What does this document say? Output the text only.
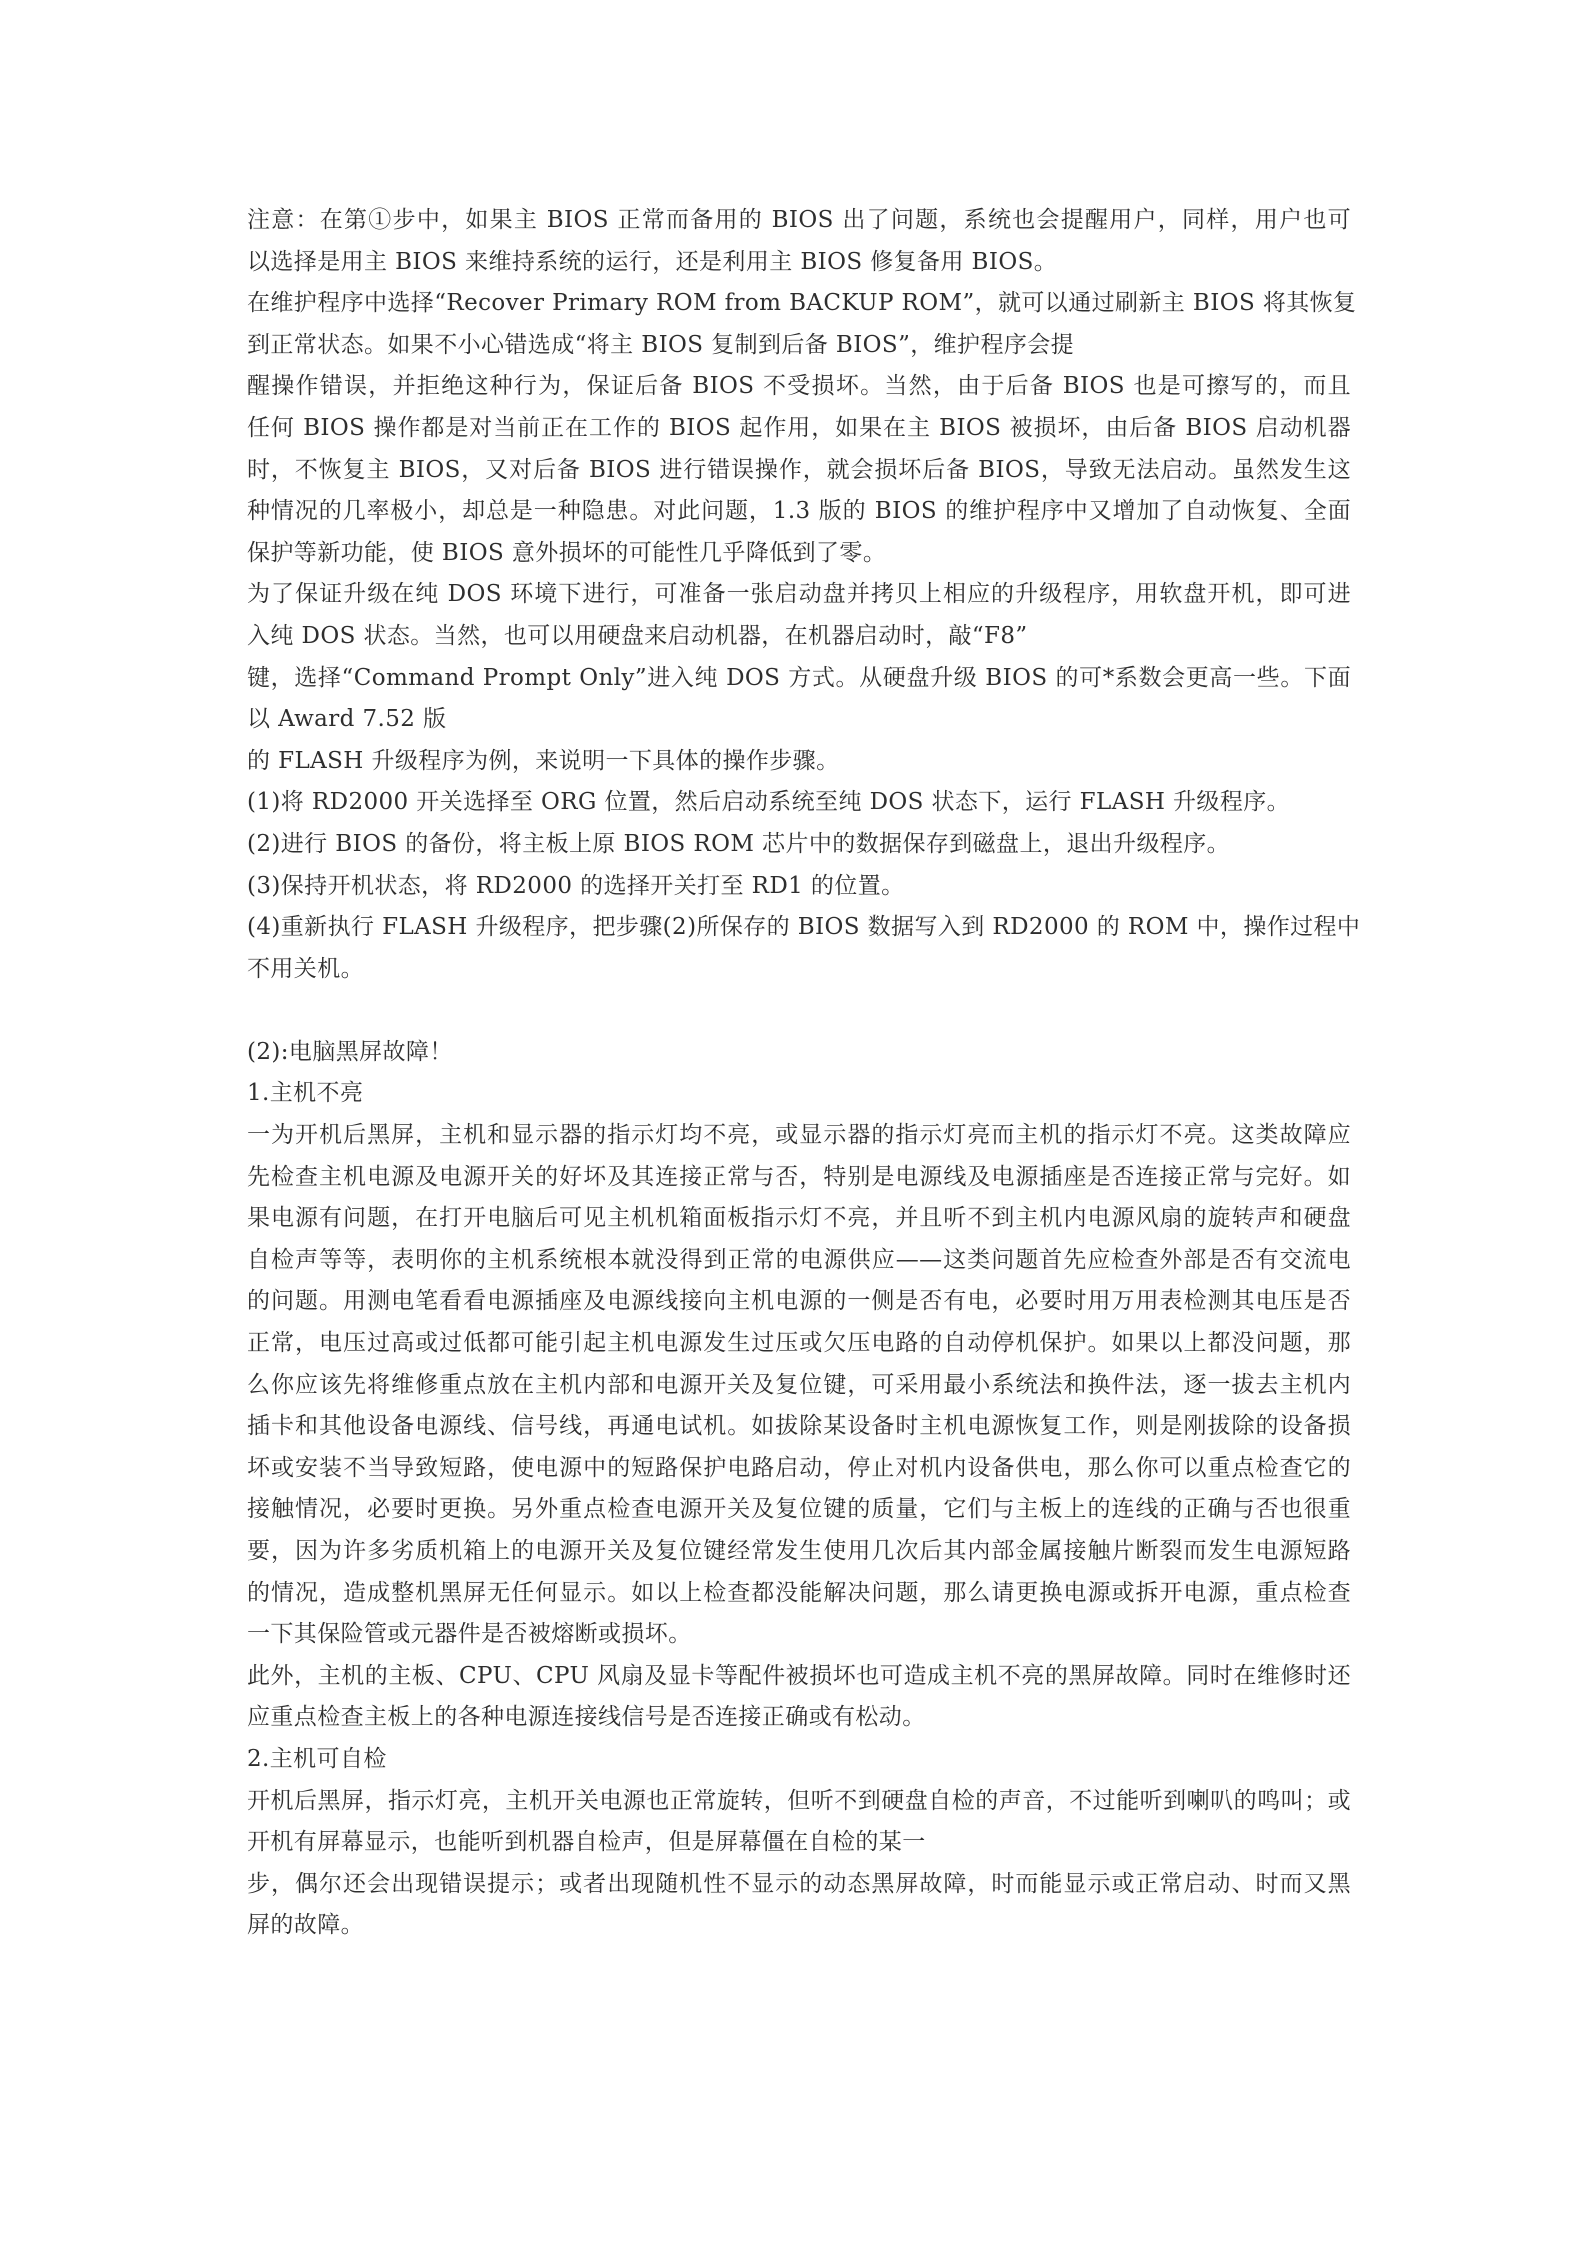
注意：在第①步中，如果主 BIOS 正常而备用的 BIOS 出了问题，系统也会提醒用户，同样，用户也可
以选择是用主 BIOS 来维持系统的运行，还是利用主 BIOS 修复备用 BIOS。
在维护程序中选择“Recover Primary ROM from BACKUP ROM”，就可以通过刷新主 BIOS 将其恢复
到正常状态。如果不小心错选成“将主 BIOS 复制到后备 BIOS”，维护程序会提
醒操作错误，并拒绝这种行为，保证后备 BIOS 不受损坏。当然，由于后备 BIOS 也是可擦写的，而且
任何 BIOS 操作都是对当前正在工作的 BIOS 起作用，如果在主 BIOS 被损坏，由后备 BIOS 启动机器
时，不恢复主 BIOS，又对后备 BIOS 进行错误操作，就会损坏后备 BIOS，导致无法启动。虽然发生这
种情况的几率极小，却总是一种隐患。对此问题，1.3 版的 BIOS 的维护程序中又增加了自动恢复、全面
保护等新功能，使 BIOS 意外损坏的可能性几乎降低到了零。
为了保证升级在纯 DOS 环境下进行，可准备一张启动盘并拷贝上相应的升级程序，用软盘开机，即可进
入纯 DOS 状态。当然，也可以用硬盘来启动机器，在机器启动时，敲“F8”
键，选择“Command Prompt Only”进入纯 DOS 方式。从硬盘升级 BIOS 的可*系数会更高一些。下面
以 Award 7.52 版
的 FLASH 升级程序为例，来说明一下具体的操作步骤。
(1)将 RD2000 开关选择至 ORG 位置，然后启动系统至纯 DOS 状态下，运行 FLASH 升级程序。
(2)进行 BIOS 的备份，将主板上原 BIOS ROM 芯片中的数据保存到磁盘上，退出升级程序。
(3)保持开机状态，将 RD2000 的选择开关打至 RD1 的位置。
(4)重新执行 FLASH 升级程序，把步骤(2)所保存的 BIOS 数据写入到 RD2000 的 ROM 中，操作过程中
不用关机。
(2):电脑黑屏故障！
1.主机不亮
一为开机后黑屏，主机和显示器的指示灯均不亮，或显示器的指示灯亮而主机的指示灯不亮。这类故障应
先检查主机电源及电源开关的好坏及其连接正常与否，特别是电源线及电源插座是否连接正常与完好。如
果电源有问题，在打开电脑后可见主机机箱面板指示灯不亮，并且听不到主机内电源风扇的旋转声和硬盘
自检声等等，表明你的主机系统根本就没得到正常的电源供应——这类问题首先应检查外部是否有交流电
的问题。用测电笔看看电源插座及电源线接向主机电源的一侧是否有电，必要时用万用表检测其电压是否
正常，电压过高或过低都可能引起主机电源发生过压或欠压电路的自动停机保护。如果以上都没问题，那
么你应该先将维修重点放在主机内部和电源开关及复位键，可采用最小系统法和换件法，逐一拔去主机内
插卡和其他设备电源线、信号线，再通电试机。如拔除某设备时主机电源恢复工作，则是刚拔除的设备损
坏或安装不当导致短路，使电源中的短路保护电路启动，停止对机内设备供电，那么你可以重点检查它的
接触情况，必要时更换。另外重点检查电源开关及复位键的质量，它们与主板上的连线的正确与否也很重
要，因为许多劣质机箱上的电源开关及复位键经常发生使用几次后其内部金属接触片断裂而发生电源短路
的情况，造成整机黑屏无任何显示。如以上检查都没能解决问题，那么请更换电源或拆开电源，重点检查
一下其保险管或元器件是否被熔断或损坏。
此外，主机的主板、CPU、CPU 风扇及显卡等配件被损坏也可造成主机不亮的黑屏故障。同时在维修时还
应重点检查主板上的各种电源连接线信号是否连接正确或有松动。
2.主机可自检
开机后黑屏，指示灯亮，主机开关电源也正常旋转，但听不到硬盘自检的声音，不过能听到喇叭的鸣叫；或
开机有屏幕显示，也能听到机器自检声，但是屏幕僵在自检的某一
步，偶尔还会出现错误提示；或者出现随机性不显示的动态黑屏故障，时而能显示或正常启动、时而又黑
屏的故障。
